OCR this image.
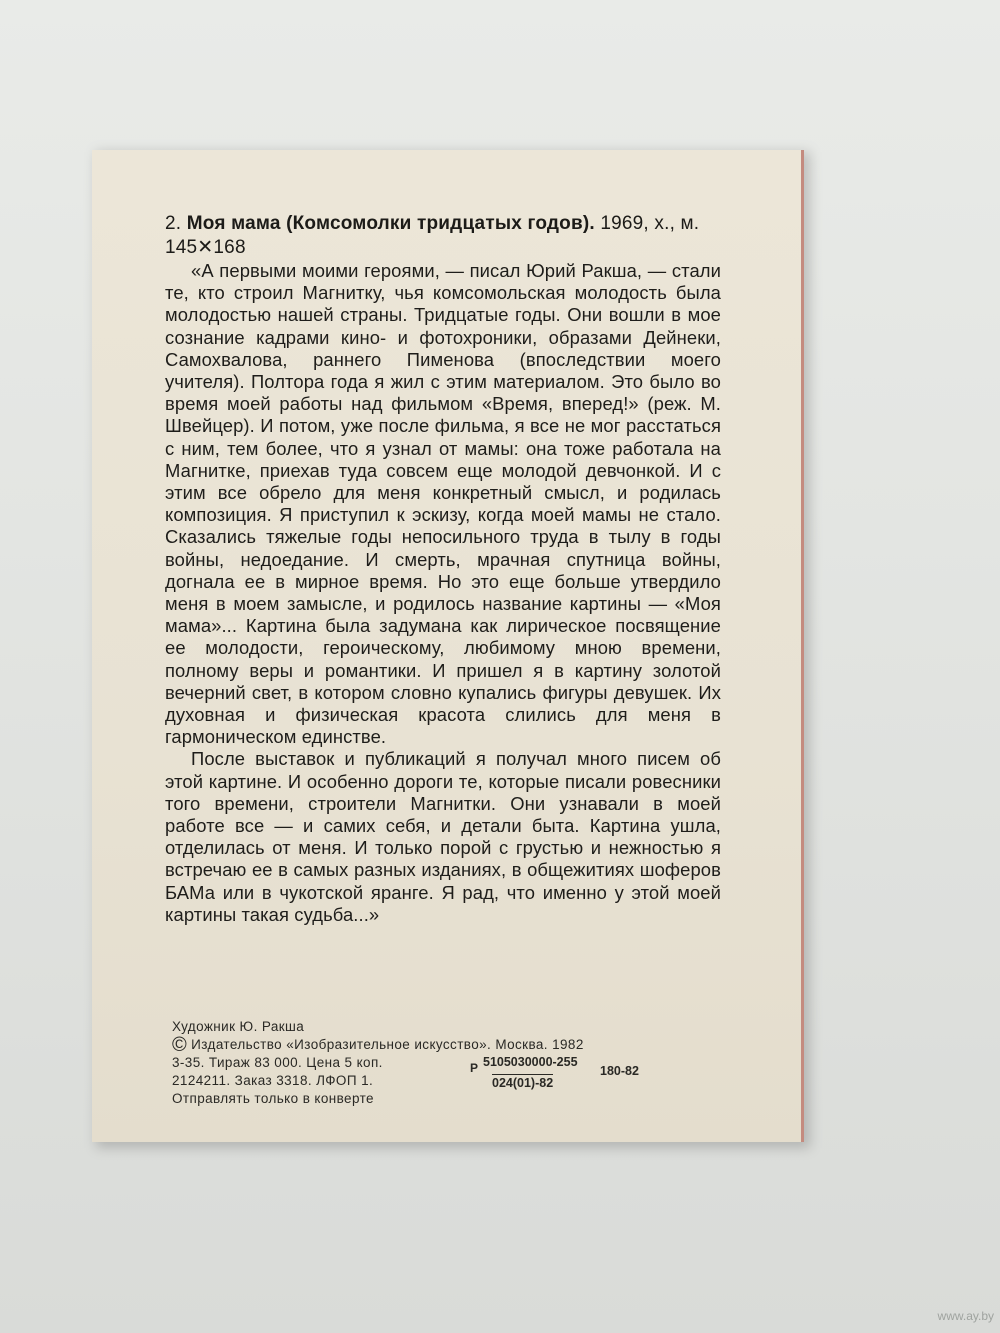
2. Моя мама (Комсомолки тридцатых годов). 1969, х., м.
145✕168

«А первыми моими героями, — писал Юрий Ракша, — стали те, кто строил Магнитку, чья комсомольская молодость была молодостью нашей страны. Тридцатые годы. Они вошли в мое сознание кадрами кино- и фотохроники, образами Дейнеки, Самохвалова, раннего Пименова (впоследствии моего учителя). Полтора года я жил с этим материалом. Это было во время моей работы над фильмом «Время, вперед!» (реж. М. Швейцер). И потом, уже после фильма, я все не мог расстаться с ним, тем более, что я узнал от мамы: она тоже работала на Магнитке, приехав туда совсем еще молодой девчонкой. И с этим все обрело для меня конкретный смысл, и родилась композиция. Я приступил к эскизу, когда моей мамы не стало. Сказались тяжелые годы непосильного труда в тылу в годы войны, недоедание. И смерть, мрачная спутница войны, догнала ее в мирное время. Но это еще больше утвердило меня в моем замысле, и родилось название картины — «Моя мама»... Картина была задумана как лирическое посвящение ее молодости, героическому, любимому мною времени, полному веры и романтики. И пришел я в картину золотой вечерний свет, в котором словно купались фигуры девушек. Их духовная и физическая красота слились для меня в гармоническом единстве.

После выставок и публикаций я получал много писем об этой картине. И особенно дороги те, которые писали ровесники того времени, строители Магнитки. Они узнавали в моей работе все — и самих себя, и детали быта. Картина ушла, отделилась от меня. И только порой с грустью и нежностью я встречаю ее в самых разных изданиях, в общежитиях шоферов БАМа или в чукотской яранге. Я рад, что именно у этой моей картины такая судьба...»

Художник Ю. Ракша
© Издательство «Изобразительное искусство». Москва. 1982
3-35. Тираж 83 000. Цена 5 коп.
2124211. Заказ 3318. ЛФОП 1.
Отправлять только в конверте
Р 5105030000-255
024(01)-82
180-82
www.ay.by
